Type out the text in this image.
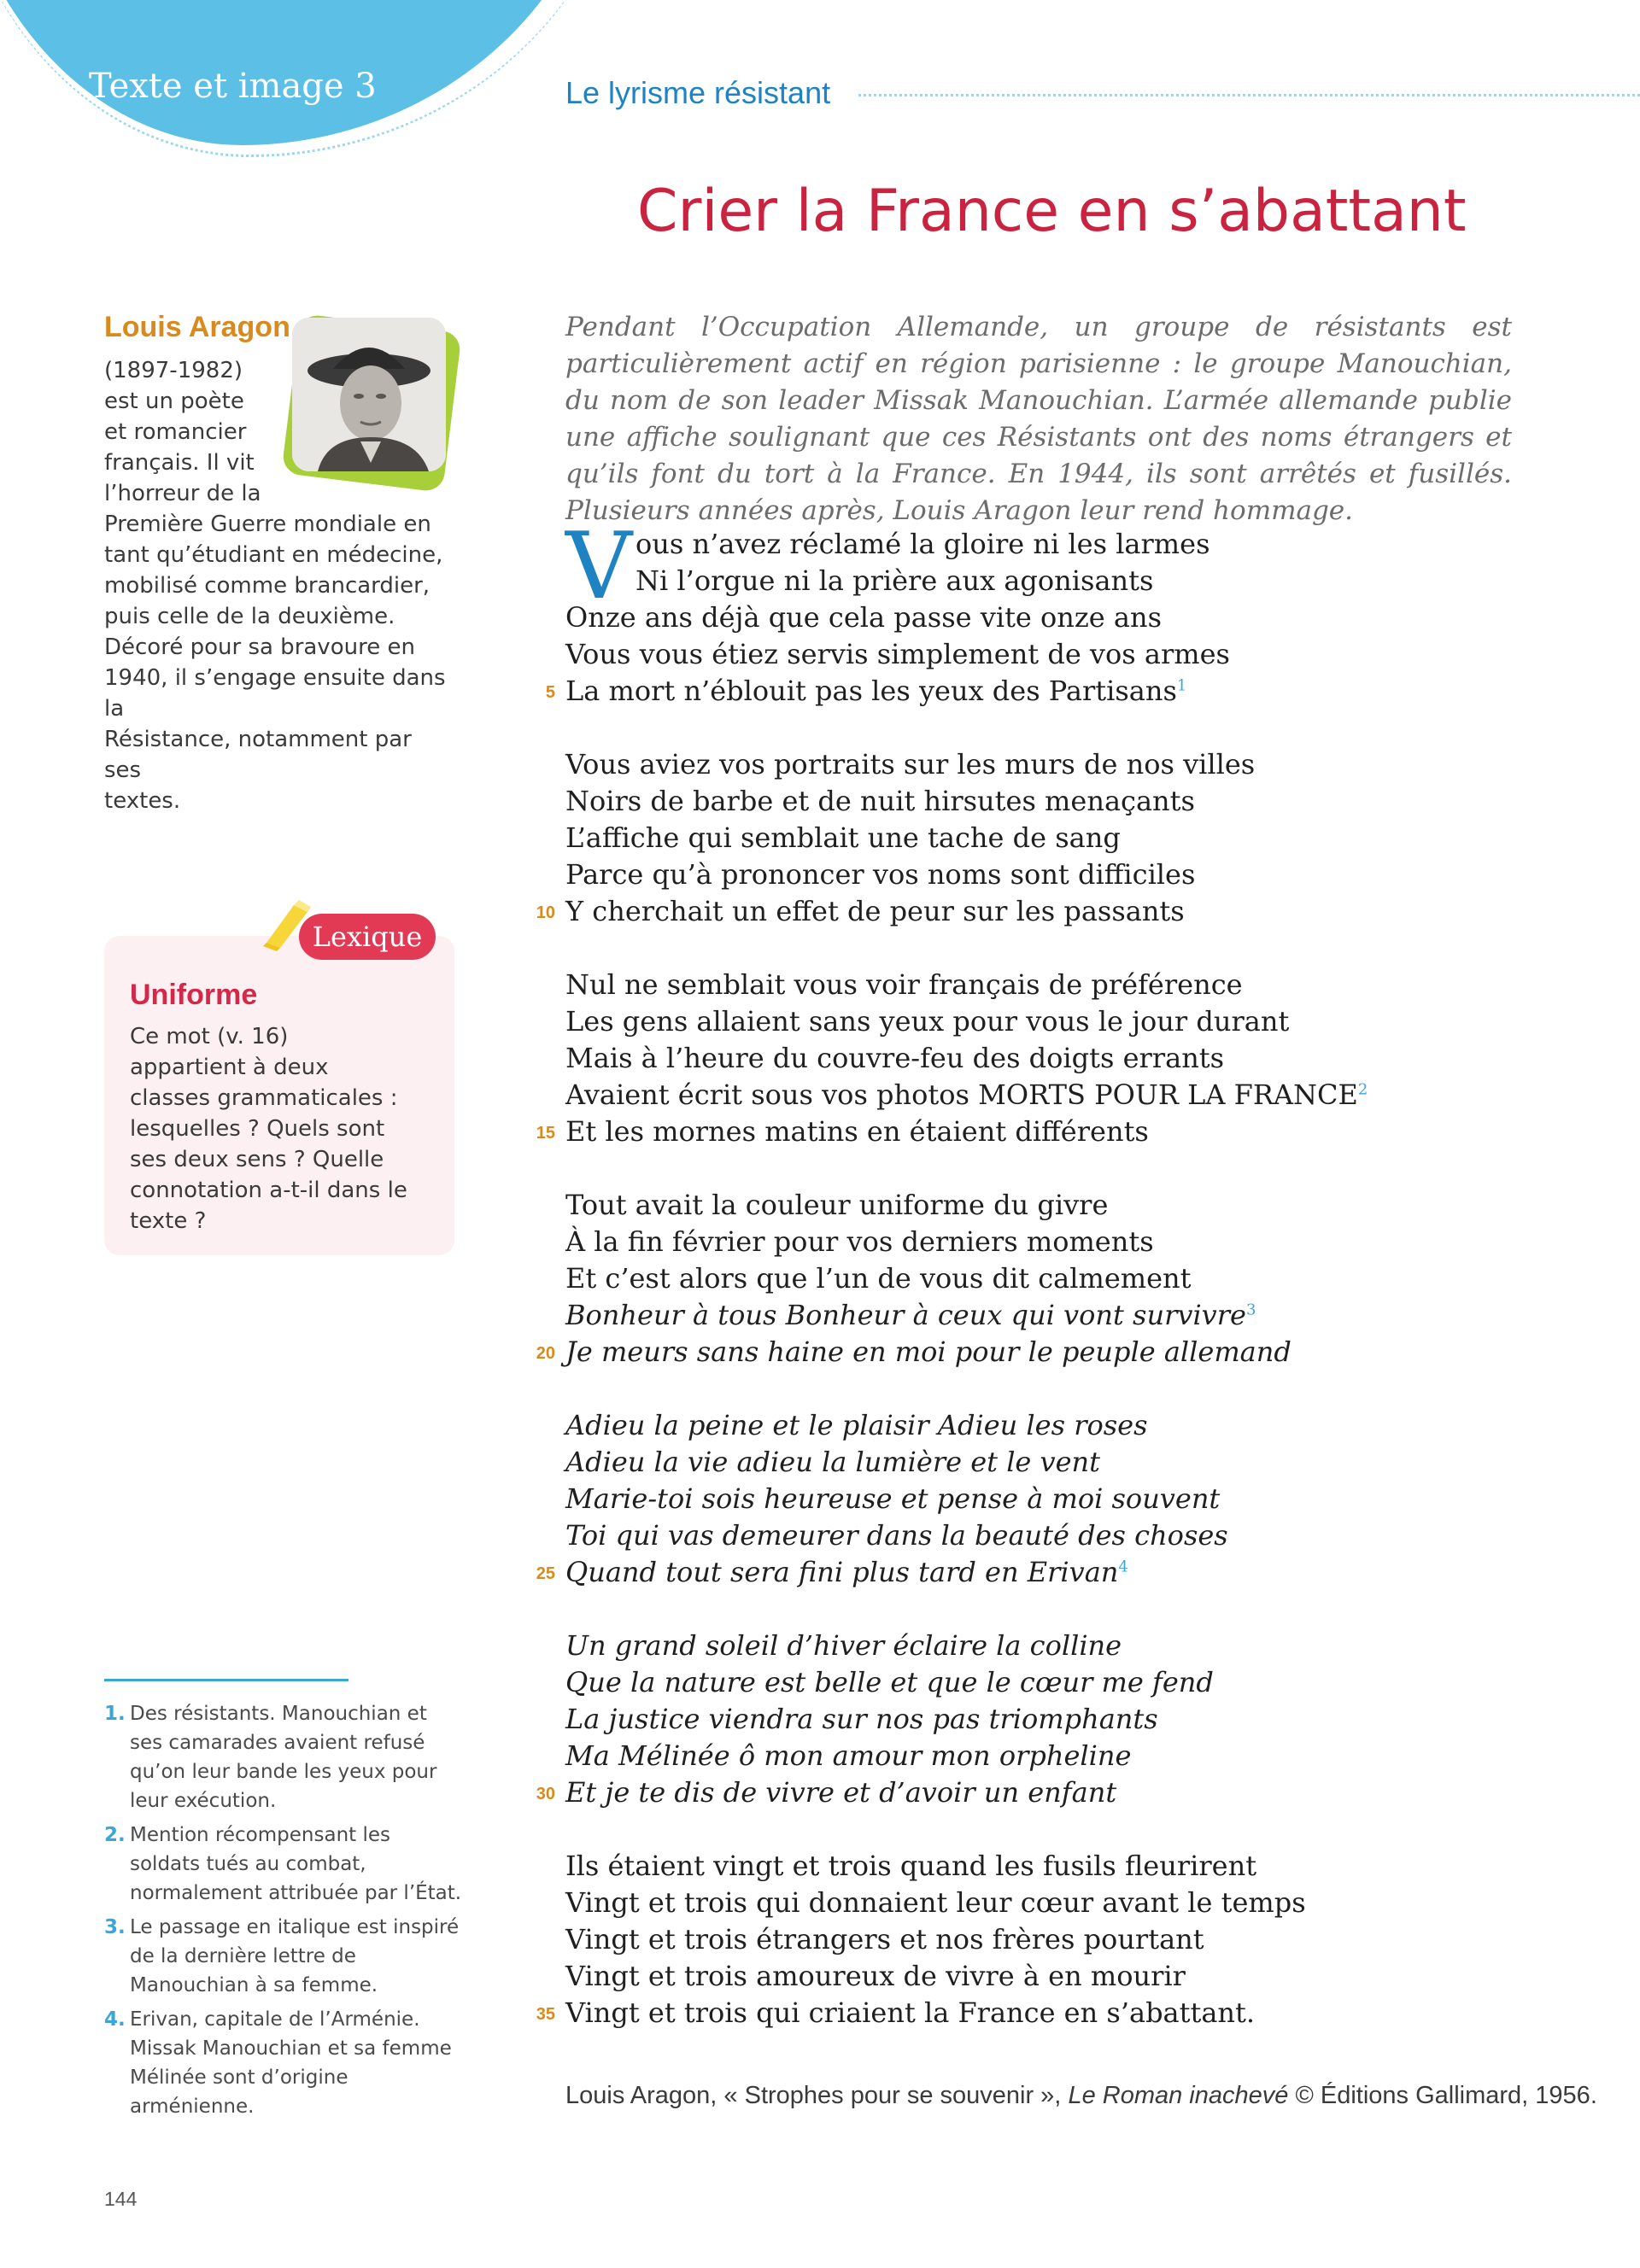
Texte et image 3	Le lyrisme résistant
Crier la France en s’abattant
Louis Aragon

(1897-1982)

est un poète

et romancier

français. Il vit

l’horreur de la

Première Guerre mondiale en

tant qu’étudiant en médecine,

mobilisé comme brancardier,

puis celle de la deuxième.

Décoré pour sa bravoure en

1940, il s’engage ensuite dans la

Résistance, notamment par ses

textes.

Lexique
Uniforme
Ce mot (v. 16)
appartient à deux
classes grammaticales :
lesquelles ? Quels sont
ses deux sens ? Quelle
connotation a-t-il dans le
texte ?
1. Des résistants. Manouchian et ses camarades avaient refusé qu’on leur bande les yeux pour leur exécution.
2. Mention récompensant les soldats tués au combat, normalement attribuée par l’État.
3. Le passage en italique est inspiré de la dernière lettre de Manouchian à sa femme.
4. Erivan, capitale de l’Arménie. Missak Manouchian et sa femme Mélinée sont d’origine arménienne.

Pendant l’Occupation Allemande, un groupe de résistants est particulièrement actif en région parisienne : le groupe Manouchian, du nom de son leader Missak Manouchian. L’armée allemande publie une affiche soulignant que ces Résistants ont des noms étrangers et qu’ils font du tort à la France. En 1944, ils sont arrêtés et fusillés. Plusieurs années après, Louis Aragon leur rend hommage.

V ous n’avez réclamé la gloire ni les larmes
Ni l’orgue ni la prière aux agonisants
Onze ans déjà que cela passe vite onze ans
Vous vous étiez servis simplement de vos armes
5 La mort n’éblouit pas les yeux des Partisans$^1$
Vous aviez vos portraits sur les murs de nos villes
Noirs de barbe et de nuit hirsutes menaçants
L’affiche qui semblait une tache de sang
Parce qu’à prononcer vos noms sont difficiles
10 Y cherchait un effet de peur sur les passants
Nul ne semblait vous voir français de préférence
Les gens allaient sans yeux pour vous le jour durant
Mais à l’heure du couvre-feu des doigts errants
Avaient écrit sous vos photos MORTS POUR LA FRANCE$^2$
15 Et les mornes matins en étaient différents
Tout avait la couleur uniforme du givre
À la fin février pour vos derniers moments
Et c’est alors que l’un de vous dit calmement
Bonheur à tous Bonheur à ceux qui vont survivre$^3$
20 Je meurs sans haine en moi pour le peuple allemand
Adieu la peine et le plaisir Adieu les roses
Adieu la vie adieu la lumière et le vent
Marie-toi sois heureuse et pense à moi souvent
Toi qui vas demeurer dans la beauté des choses
25 Quand tout sera fini plus tard en Erivan$^4$
Un grand soleil d’hiver éclaire la colline
Que la nature est belle et que le cœur me fend
La justice viendra sur nos pas triomphants
Ma Mélinée ô mon amour mon orpheline
30 Et je te dis de vivre et d’avoir un enfant
Ils étaient vingt et trois quand les fusils fleurirent
Vingt et trois qui donnaient leur cœur avant le temps
Vingt et trois étrangers et nos frères pourtant
Vingt et trois amoureux de vivre à en mourir
35 Vingt et trois qui criaient la France en s’abattant.
Louis Aragon, « Strophes pour se souvenir », Le Roman inachevé © Éditions Gallimard, 1956.
144
